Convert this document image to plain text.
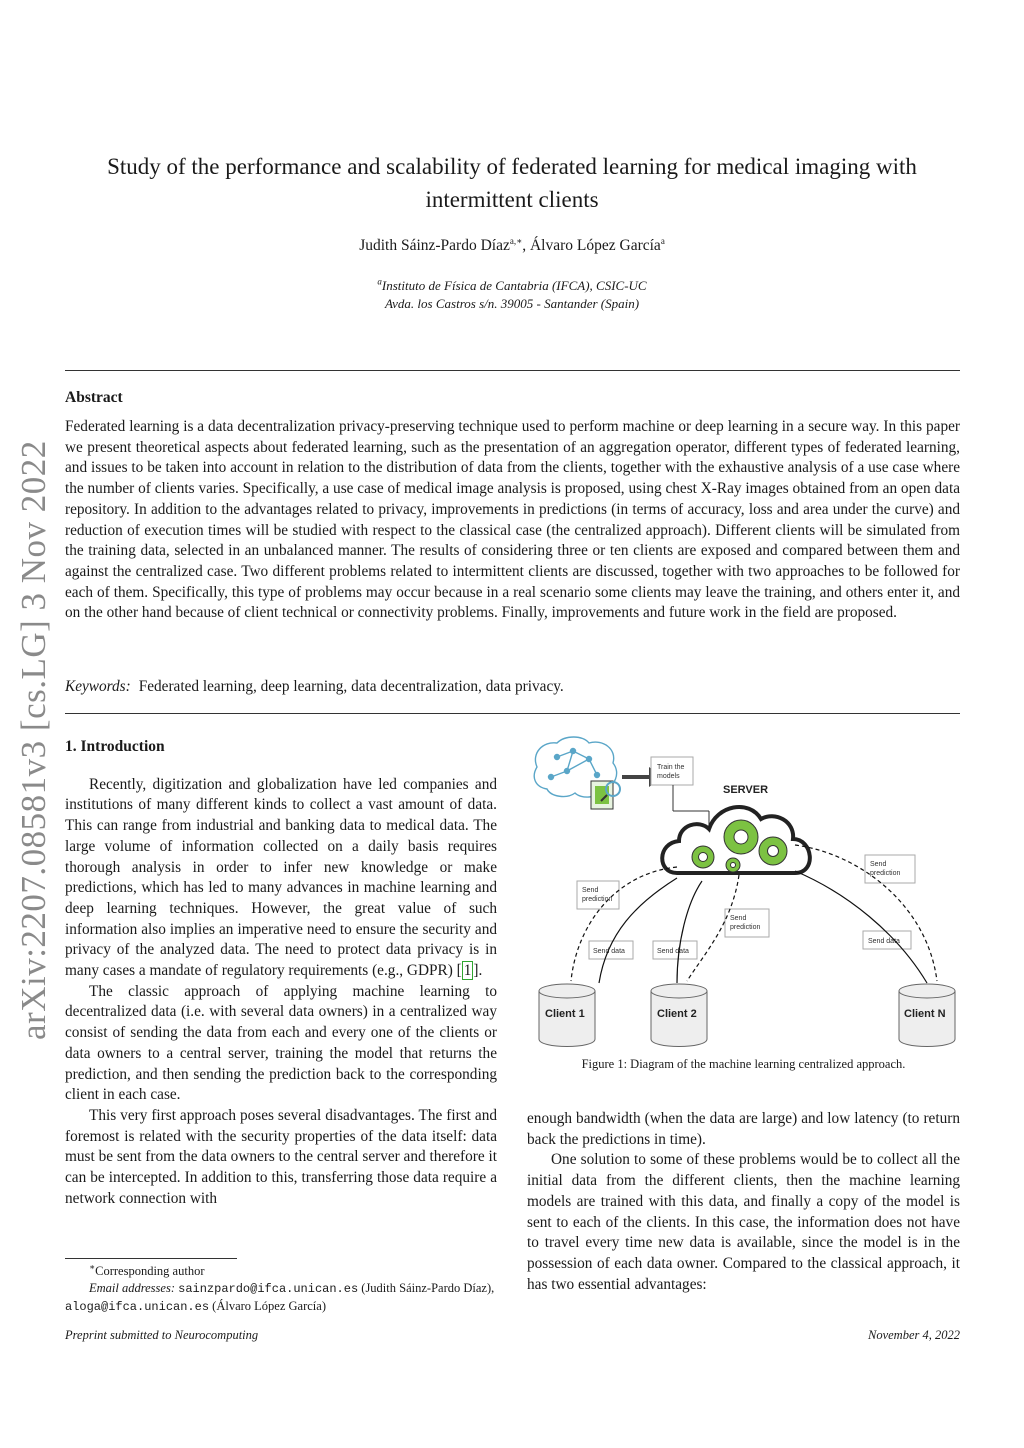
Study of the performance and scalability of federated learning for medical imaging with
intermittent clients
Judith Sáinz-Pardo Díaz$^{a,∗}$, Álvaro López García$^a$
$^a$Instituto de Física de Cantabria (IFCA), CSIC-UC
Avda. los Castros s/n. 39005 - Santander (Spain)
Abstract
Federated learning is a data decentralization privacy-preserving technique used to perform machine or deep learning in a secure way. In this paper we present theoretical aspects about federated learning, such as the presentation of an aggregation operator, different types of federated learning, and issues to be taken into account in relation to the distribution of data from the clients, together with the exhaustive analysis of a use case where the number of clients varies. Specifically, a use case of medical image analysis is proposed, using chest X-Ray images obtained from an open data repository. In addition to the advantages related to privacy, improvements in predictions (in terms of accuracy, loss and area under the curve) and reduction of execution times will be studied with respect to the classical case (the centralized approach). Different clients will be simulated from the training data, selected in an unbalanced manner. The results of considering three or ten clients are exposed and compared between them and against the centralized case. Two different problems related to intermittent clients are discussed, together with two approaches to be followed for each of them. Specifically, this type of problems may occur because in a real scenario some clients may leave the training, and others enter it, and on the other hand because of client technical or connectivity problems. Finally, improvements and future work in the field are proposed.
Keywords: Federated learning, deep learning, data decentralization, data privacy.
arXiv:2207.08581v3 [cs.LG] 3 Nov 2022 1. Introduction

Recently, digitization and globalization have led companies and institutions of many different kinds to collect a vast amount of data. This can range from industrial and banking data to medical data. The large volume of information collected on a daily basis requires thorough analysis in order to infer new knowledge or make predictions, which has led to many advances in machine learning and deep learning techniques. However, the great value of such information also implies an imperative need to ensure the security and privacy of the analyzed data. The need to protect data privacy is in many cases a mandate of regulatory requirements (e.g., GDPR) [ 1 ].

The classic approach of applying machine learning to decentralized data (i.e. with several data owners) in a centralized way consist of sending the data from each and every one of the clients or data owners to a central server, training the model that returns the prediction, and then sending the prediction back to the corresponding client in each case.

This very first approach poses several disadvantages. The first and foremost is related with the security properties of the data itself: data must be sent from the data owners to the central server and therefore it can be intercepted. In addition to this, transferring those data require a network connection with

Train the
models
SERVER
Send
prediction
Send
prediction
Send
prediction
Send data	Send data
Send data
Client 1	Client 2	Client N
Figure 1: Diagram of the machine learning centralized approach.

enough bandwidth (when the data are large) and low latency (to return back the predictions in time).

One solution to some of these problems would be to collect all the initial data from the different clients, then the machine learning models are trained with this data, and finally a copy of the model is sent to each of the clients. In this case, the information does not have to travel every time new data is available, since the model is in the possession of each data owner. Compared to the classical approach, it has two essential advantages:

∗Corresponding author
Email addresses: sainzpardo@ifca.unican.es (Judith Sáinz-Pardo Díaz), aloga@ifca.unican.es (Álvaro López García)
Preprint submitted to Neurocomputing	November 4, 2022
